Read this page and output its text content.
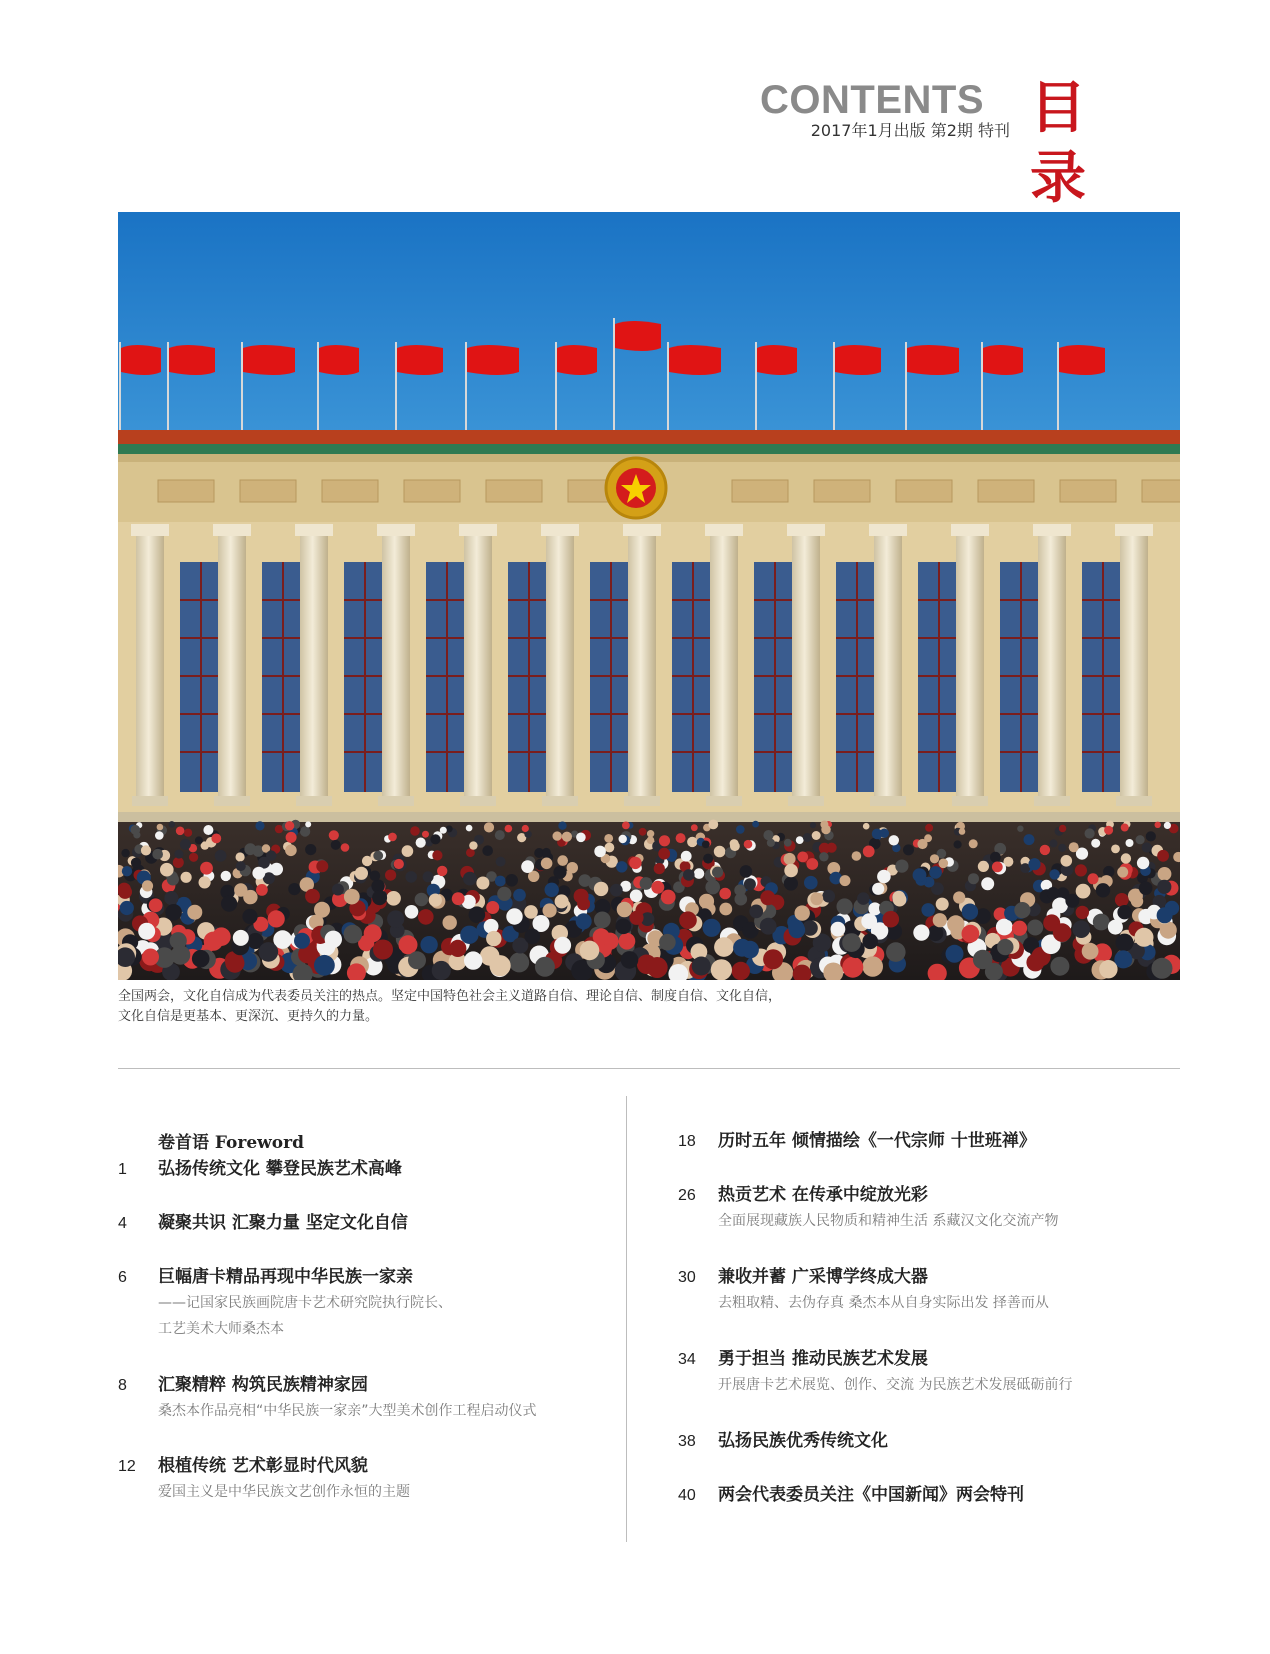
CONTENTS
2017年1月出版 第2期 特刊 目 录
全国两会，文化自信成为代表委员关注的热点。坚定中国特色社会主义道路自信、理论自信、制度自信、文化自信，
文化自信是更基本、更深沉、更持久的力量。
卷首语 Foreword
1 弘扬传统文化 攀登民族艺术高峰
4 凝聚共识 汇聚力量 坚定文化自信
6 巨幅唐卡精品再现中华民族一家亲
——记国家民族画院唐卡艺术研究院执行院长、
工艺美术大师桑杰本
8 汇聚精粹 构筑民族精神家园
桑杰本作品亮相“中华民族一家亲”大型美术创作工程启动仪式
12 根植传统 艺术彰显时代风貌
爱国主义是中华民族文艺创作永恒的主题
18 历时五年 倾情描绘《一代宗师 十世班禅》
26 热贡艺术 在传承中绽放光彩
全面展现藏族人民物质和精神生活 系藏汉文化交流产物
30 兼收并蓄 广采博学终成大器
去粗取精、去伪存真 桑杰本从自身实际出发 择善而从
34 勇于担当 推动民族艺术发展
开展唐卡艺术展览、创作、交流 为民族艺术发展砥砺前行
38 弘扬民族优秀传统文化
40 两会代表委员关注《中国新闻》两会特刊
